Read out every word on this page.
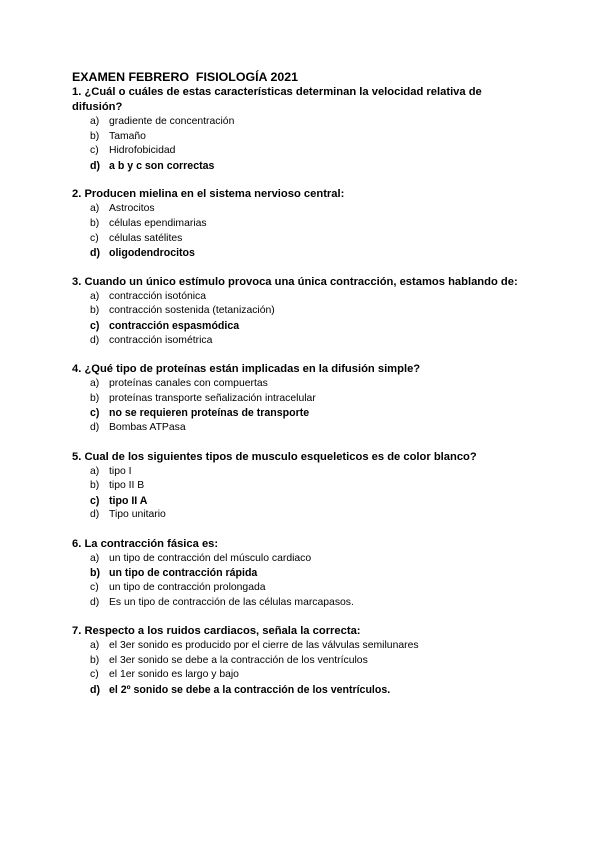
EXAMEN FEBRERO  FISIOLOGÍA 2021

1. ¿Cuál o cuáles de estas características determinan la velocidad relativa de difusión?

a) gradiente de concentración
b) Tamaño
c) Hidrofobicidad
d) a b y c son correctas

2. Producen mielina en el sistema nervioso central:

a) Astrocitos
b) células ependimarias
c) células satélites
d) oligodendrocitos

3. Cuando un único estímulo provoca una única contracción, estamos hablando de:

a) contracción isotónica
b) contracción sostenida (tetanización)
c) contracción espasmódica
d) contracción isométrica

4. ¿Qué tipo de proteínas están implicadas en la difusión simple?

a) proteínas canales con compuertas
b) proteínas transporte señalización intracelular
c) no se requieren proteínas de transporte
d) Bombas ATPasa

5. Cual de los siguientes tipos de musculo esqueleticos es de color blanco?

a) tipo I
b) tipo II B
c) tipo II A
d) Tipo unitario

6. La contracción fásica es:

a) un tipo de contracción del músculo cardiaco
b) un tipo de contracción rápida
c) un tipo de contracción prolongada
d) Es un tipo de contracción de las células marcapasos.

7. Respecto a los ruidos cardiacos, señala la correcta:

a) el 3er sonido es producido por el cierre de las válvulas semilunares
b) el 3er sonido se debe a la contracción de los ventrículos
c) el 1er sonido es largo y bajo
d) el 2º sonido se debe a la contracción de los ventrículos.
